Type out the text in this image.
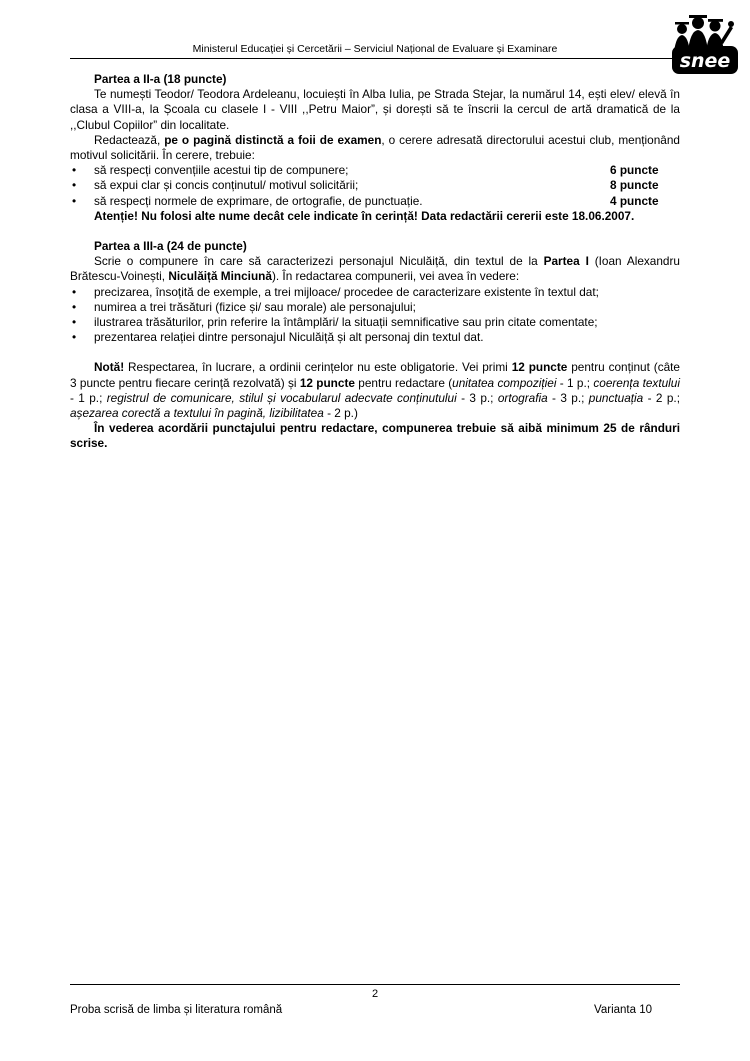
Ministerul Educației și Cercetării – Serviciul Național de Evaluare și Examinare
snee

Partea a II-a (18 puncte)

Te numești Teodor/ Teodora Ardeleanu, locuiești în Alba Iulia, pe Strada Stejar, la numărul 14, ești elev/ elevă în clasa a VIII-a, la Școala cu clasele I - VIII ,,Petru Maior”, și dorești să te înscrii la cercul de artă dramatică de la ,,Clubul Copiilor” din localitate.

Redactează, pe o pagină distinctă a foii de examen, o cerere adresată directorului acestui club, menționând motivul solicitării. În cerere, trebuie:

• să respecți convențiile acestui tip de compunere;	6 puncte
• să expui clar și concis conținutul/ motivul solicitării;	8 puncte
• să respecți normele de exprimare, de ortografie, de punctuație.	4 puncte

Atenție! Nu folosi alte nume decât cele indicate în cerință! Data redactării cererii este 18.06.2007.

Partea a III-a (24 de puncte)

Scrie o compunere în care să caracterizezi personajul Niculăiță, din textul de la Partea I (Ioan Alexandru Brătescu-Voinești, Niculăiță Minciună). În redactarea compunerii, vei avea în vedere:

• precizarea, însoțită de exemple, a trei mijloace/ procedee de caracterizare existente în textul dat;
• numirea a trei trăsături (fizice și/ sau morale) ale personajului;
• ilustrarea trăsăturilor, prin referire la întâmplări/ la situații semnificative sau prin citate comentate;
• prezentarea relației dintre personajul Niculăiță și alt personaj din textul dat.

Notă! Respectarea, în lucrare, a ordinii cerințelor nu este obligatorie. Vei primi 12 puncte pentru conținut (câte 3 puncte pentru fiecare cerință rezolvată) și 12 puncte pentru redactare (unitatea compoziției - 1 p.; coerența textului - 1 p.; registrul de comunicare, stilul și vocabularul adecvate conținutului - 3 p.; ortografia - 3 p.; punctuația - 2 p.; așezarea corectă a textului în pagină, lizibilitatea - 2 p.)

În vederea acordării punctajului pentru redactare, compunerea trebuie să aibă minimum 25 de rânduri scrise.

2
Proba scrisă de limba și literatura română	Varianta 10
